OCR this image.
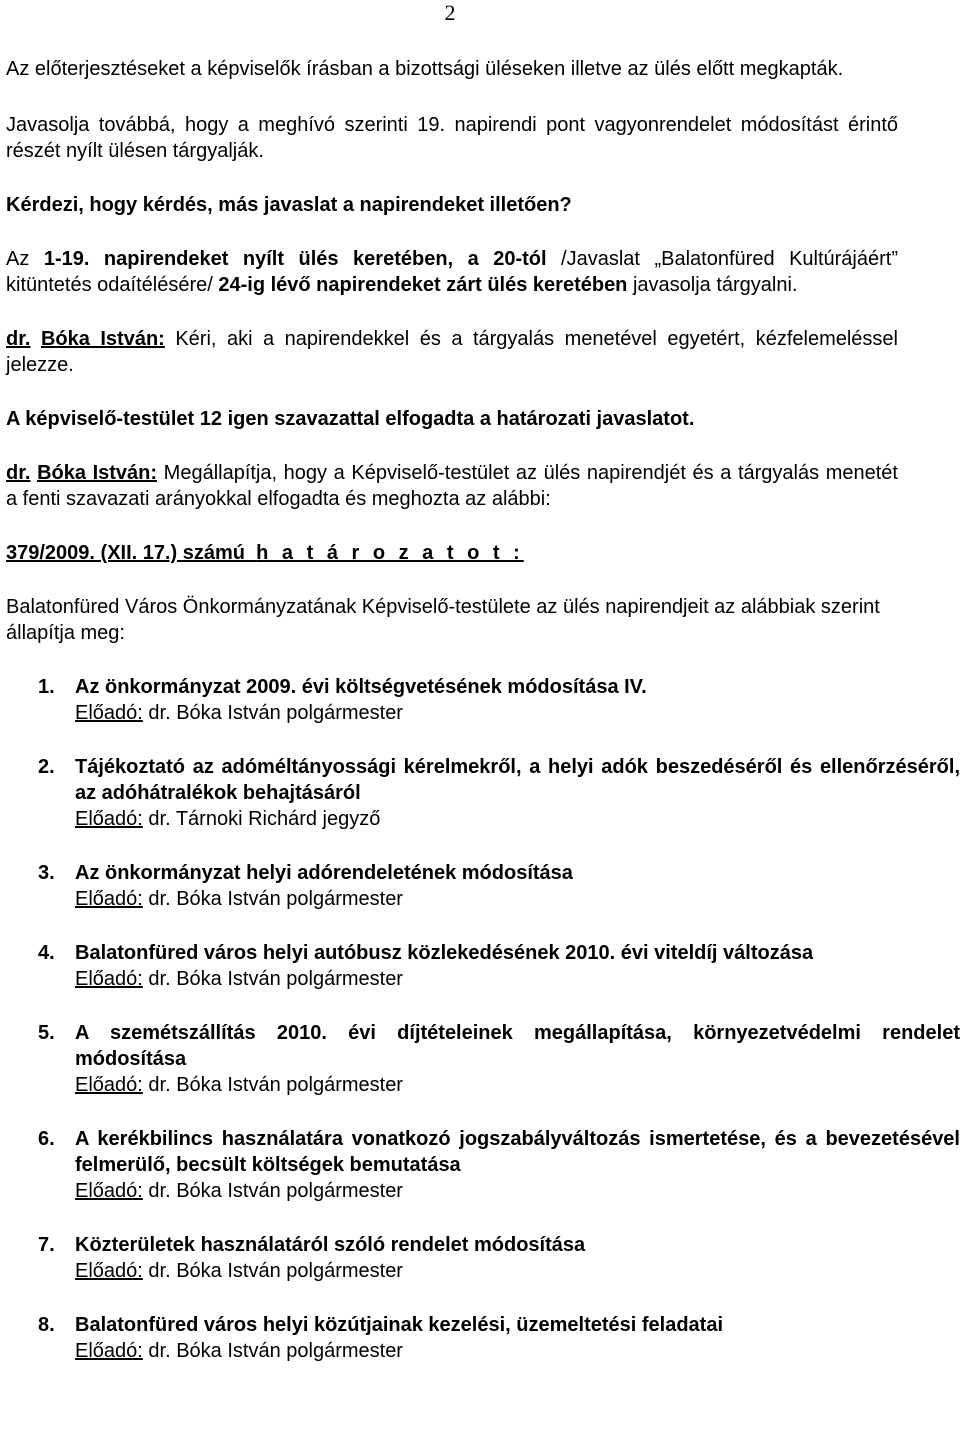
2

Az előterjesztéseket a képviselők írásban a bizottsági üléseken illetve az ülés előtt megkapták.

Javasolja továbbá, hogy a meghívó szerinti 19. napirendi pont vagyonrendelet módosítást érintő részét nyílt ülésen tárgyalják.

Kérdezi, hogy kérdés, más javaslat a napirendeket illetően?

Az 1-19. napirendeket nyílt ülés keretében, a 20-tól /Javaslat „Balatonfüred Kultúrájáért” kitüntetés odaítélésére/ 24-ig lévő napirendeket zárt ülés keretében javasolja tárgyalni.

dr. Bóka István: Kéri, aki a napirendekkel és a tárgyalás menetével egyetért, kézfelemeléssel jelezze.

A képviselő-testület 12 igen szavazattal elfogadta a határozati javaslatot.

dr. Bóka István: Megállapítja, hogy a Képviselő-testület az ülés napirendjét és a tárgyalás menetét a fenti szavazati arányokkal elfogadta és meghozta az alábbi:

379/2009. (XII. 17.) számú h a t á r o z a t o t :

Balatonfüred Város Önkormányzatának Képviselő-testülete az ülés napirendjeit az alábbiak szerint állapítja meg:

1. Az önkormányzat 2009. évi költségvetésének módosítása IV.
Előadó: dr. Bóka István polgármester
2. Tájékoztató az adóméltányossági kérelmekről, a helyi adók beszedéséről és ellenőrzéséről, az adóhátralékok behajtásáról
Előadó: dr. Tárnoki Richárd jegyző
3. Az önkormányzat helyi adórendeletének módosítása
Előadó: dr. Bóka István polgármester
4. Balatonfüred város helyi autóbusz közlekedésének 2010. évi viteldíj változása
Előadó: dr. Bóka István polgármester
5. A szemétszállítás 2010. évi díjtételeinek megállapítása, környezetvédelmi rendelet módosítása
Előadó: dr. Bóka István polgármester
6. A kerékbilincs használatára vonatkozó jogszabályváltozás ismertetése, és a bevezetésével felmerülő, becsült költségek bemutatása
Előadó: dr. Bóka István polgármester
7. Közterületek használatáról szóló rendelet módosítása
Előadó: dr. Bóka István polgármester
8. Balatonfüred város helyi közútjainak kezelési, üzemeltetési feladatai
Előadó: dr. Bóka István polgármester
